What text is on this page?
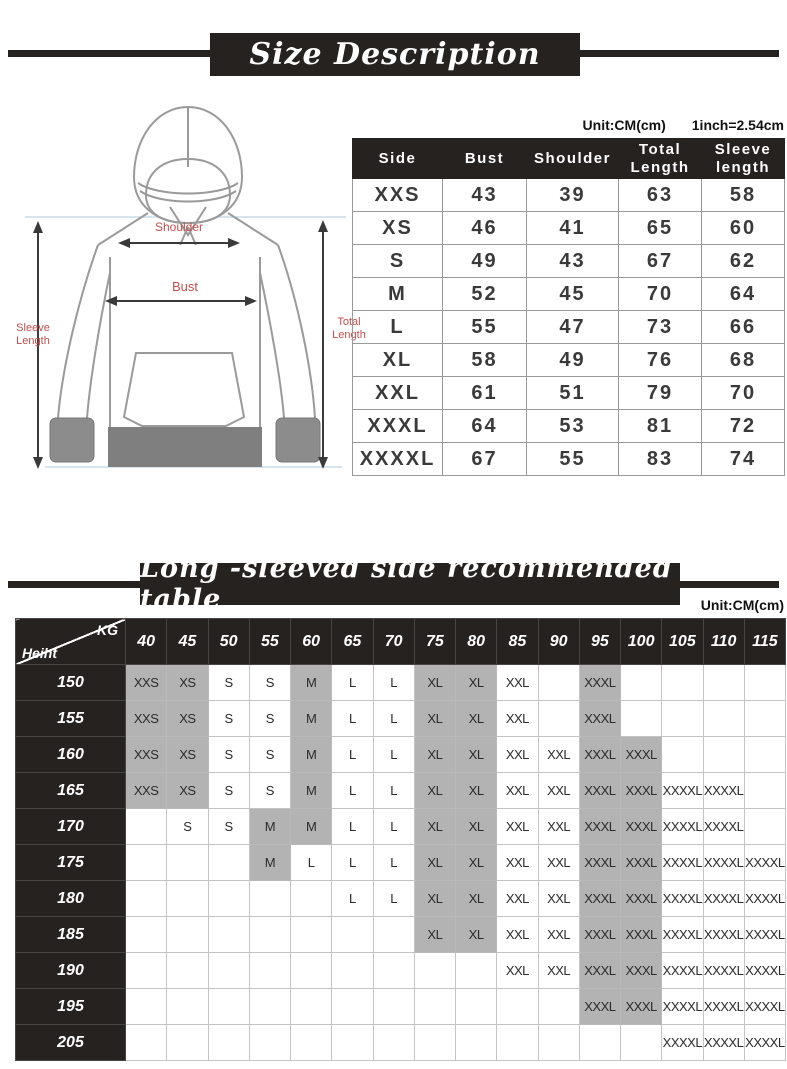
Size Description
Shoulder
Bust
Sleeve Length
Total Length
Unit:CM(cm) 1inch=2.54cm
Side	Bust	Shoulder	Total Length	Sleeve length
XXS	43	39	63	58
XS	46	41	65	60
S	49	43	67	62
M	52	45	70	64
L	55	47	73	66
XL	58	49	76	68
XXL	61	51	79	70
XXXL	64	53	81	72
XXXXL	67	55	83	74
Long -sleeved side recommended table	Unit:CM(cm)
KG
Heiht	40	45	50	55	60	65	70	75	80	85	90	95	100	105	110	115
150	XXS	XS	S	S	M	L	L	XL	XL	XXL		XXXL				
155	XXS	XS	S	S	M	L	L	XL	XL	XXL		XXXL				
160	XXS	XS	S	S	M	L	L	XL	XL	XXL	XXL	XXXL	XXXL			
165	XXS	XS	S	S	M	L	L	XL	XL	XXL	XXL	XXXL	XXXL	XXXXL	XXXXL	
170		S	S	M	M	L	L	XL	XL	XXL	XXL	XXXL	XXXL	XXXXL	XXXXL	
175				M	L	L	L	XL	XL	XXL	XXL	XXXL	XXXL	XXXXL	XXXXL	XXXXL
180						L	L	XL	XL	XXL	XXL	XXXL	XXXL	XXXXL	XXXXL	XXXXL
185								XL	XL	XXL	XXL	XXXL	XXXL	XXXXL	XXXXL	XXXXL
190										XXL	XXL	XXXL	XXXL	XXXXL	XXXXL	XXXXL
195												XXXL	XXXL	XXXXL	XXXXL	XXXXL
205														XXXXL	XXXXL	XXXXL
